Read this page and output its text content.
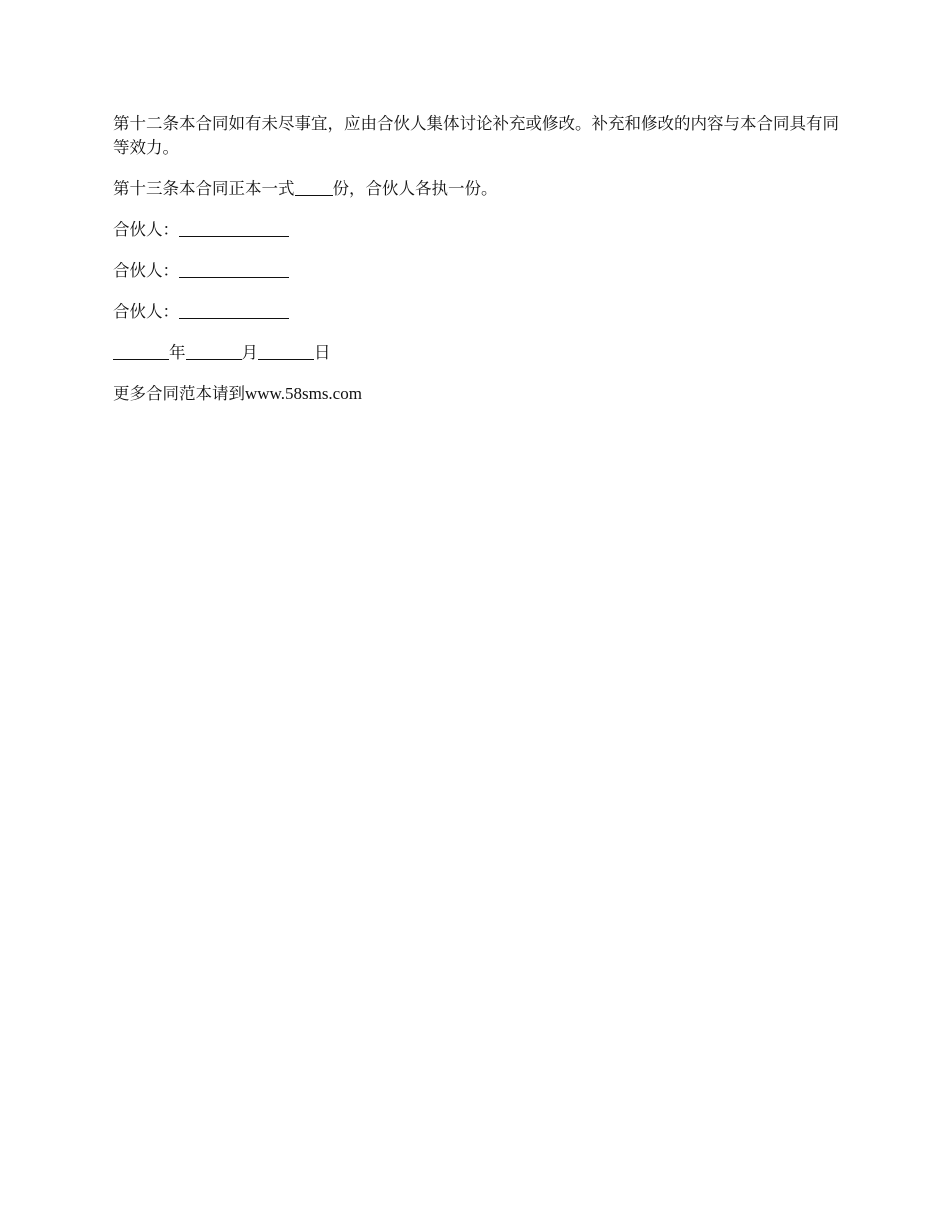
第十二条本合同如有未尽事宜，应由合伙人集体讨论补充或修改。补充和修改的内容与本合同具有同等效力。

第十三条本合同正本一式 份，合伙人各执一份。

合伙人：

合伙人：

合伙人：

年	月	日

更多合同范本请到www.58sms.com
